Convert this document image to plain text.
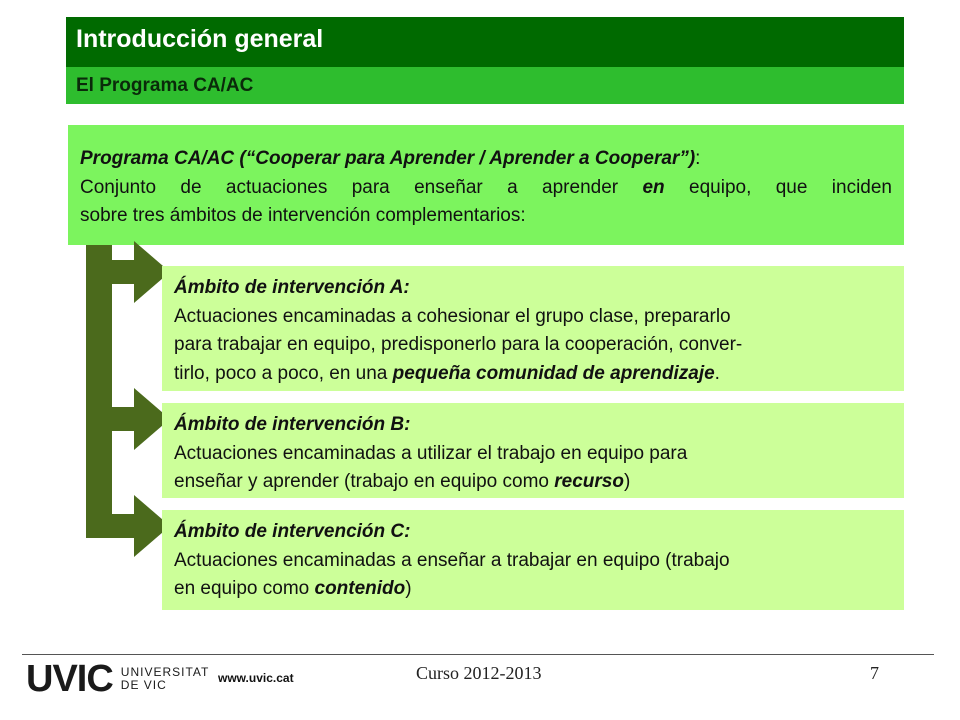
Introducción general
El Programa CA/AC
Programa CA/AC (“Cooperar para Aprender / Aprender a Cooperar”):
Conjunto de actuaciones para enseñar a aprender en equipo, que inciden
sobre tres ámbitos de intervención complementarios:
Ámbito de intervención A:
Actuaciones encaminadas a cohesionar el grupo clase, prepararlo
para trabajar en equipo, predisponerlo para la cooperación, conver-
tirlo, poco a poco, en una pequeña comunidad de aprendizaje.
Ámbito de intervención B:
Actuaciones encaminadas a utilizar el trabajo en equipo para
enseñar y aprender (trabajo en equipo como recurso)
Ámbito de intervención C:
Actuaciones encaminadas a enseñar a trabajar en equipo (trabajo
en equipo como contenido)
UVIC UNIVERSITAT
DE VIC	www.uvic.cat	Curso 2012-2013	7
